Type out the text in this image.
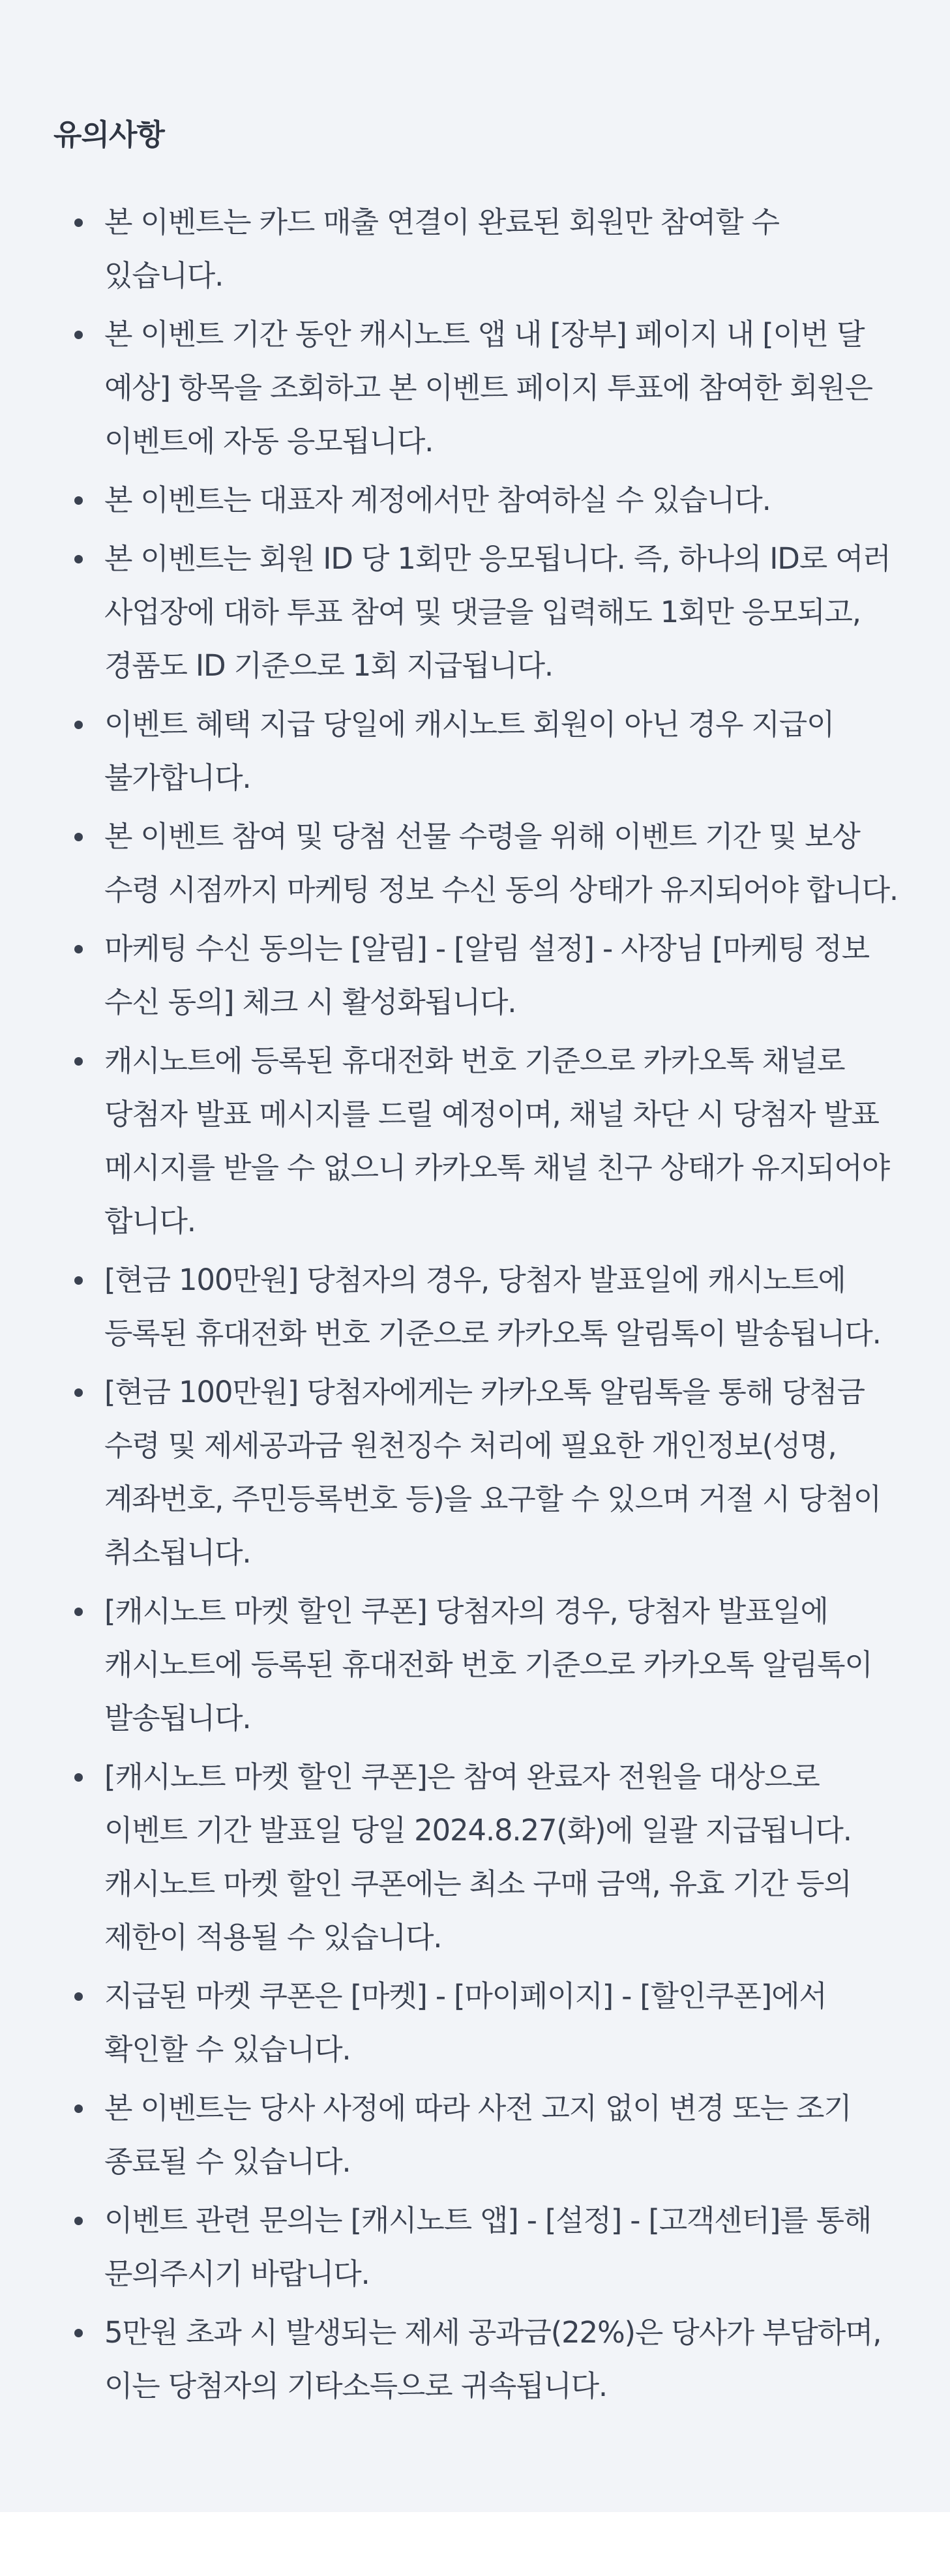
유의사항
본 이벤트는 카드 매출 연결이 완료된 회원만 참여할 수 있습니다.
본 이벤트 기간 동안 캐시노트 앱 내 [장부] 페이지 내 [이번 달 예상] 항목을 조회하고 본 이벤트 페이지 투표에 참여한 회원은 이벤트에 자동 응모됩니다.
본 이벤트는 대표자 계정에서만 참여하실 수 있습니다.
본 이벤트는 회원 ID 당 1회만 응모됩니다. 즉, 하나의 ID로 여러 사업장에 대하 투표 참여 및 댓글을 입력해도 1회만 응모되고, 경품도 ID 기준으로 1회 지급됩니다.
이벤트 혜택 지급 당일에 캐시노트 회원이 아닌 경우 지급이 불가합니다.
본 이벤트 참여 및 당첨 선물 수령을 위해 이벤트 기간 및 보상 수령 시점까지 마케팅 정보 수신 동의 상태가 유지되어야 합니다.
마케팅 수신 동의는 [알림] - [알림 설정] - 사장님 [마케팅 정보 수신 동의] 체크 시 활성화됩니다.
캐시노트에 등록된 휴대전화 번호 기준으로 카카오톡 채널로 당첨자 발표 메시지를 드릴 예정이며, 채널 차단 시 당첨자 발표 메시지를 받을 수 없으니 카카오톡 채널 친구 상태가 유지되어야 합니다.
[현금 100만원] 당첨자의 경우, 당첨자 발표일에 캐시노트에 등록된 휴대전화 번호 기준으로 카카오톡 알림톡이 발송됩니다.
[현금 100만원] 당첨자에게는 카카오톡 알림톡을 통해 당첨금 수령 및 제세공과금 원천징수 처리에 필요한 개인정보(성명, 계좌번호, 주민등록번호 등)을 요구할 수 있으며 거절 시 당첨이 취소됩니다.
[캐시노트 마켓 할인 쿠폰] 당첨자의 경우, 당첨자 발표일에 캐시노트에 등록된 휴대전화 번호 기준으로 카카오톡 알림톡이 발송됩니다.
[캐시노트 마켓 할인 쿠폰]은 참여 완료자 전원을 대상으로 이벤트 기간 발표일 당일 2024.8.27(화)에 일괄 지급됩니다. 캐시노트 마켓 할인 쿠폰에는 최소 구매 금액, 유효 기간 등의 제한이 적용될 수 있습니다.
지급된 마켓 쿠폰은 [마켓] - [마이페이지] - [할인쿠폰]에서 확인할 수 있습니다.
본 이벤트는 당사 사정에 따라 사전 고지 없이 변경 또는 조기 종료될 수 있습니다.
이벤트 관련 문의는 [캐시노트 앱] - [설정] - [고객센터]를 통해 문의주시기 바랍니다.
5만원 초과 시 발생되는 제세 공과금(22%)은 당사가 부담하며, 이는 당첨자의 기타소득으로 귀속됩니다.
